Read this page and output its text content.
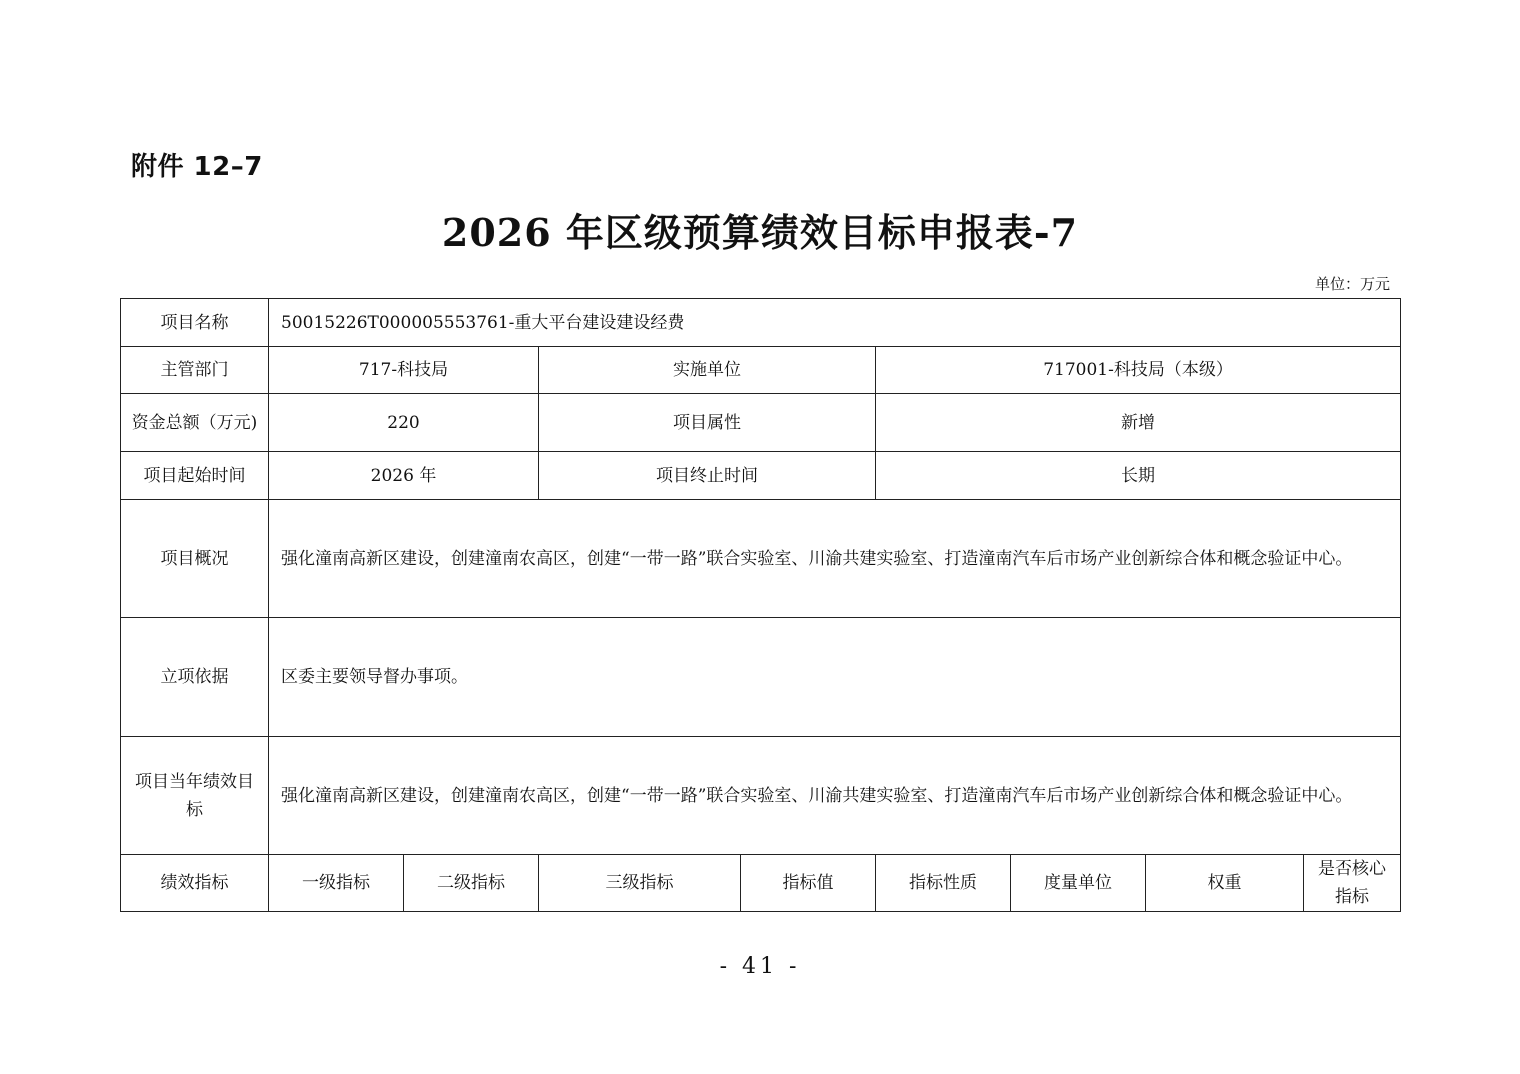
附件 12–7
2026 年区级预算绩效目标申报表-7
单位：万元
项目名称	50015226T000005553761-重大平台建设建设经费							
主管部门	717-科技局		实施单位		717001-科技局（本级）			
资金总额（万元)	220		项目属性		新增			
项目起始时间	2026 年		项目终止时间		长期			
项目概况	强化潼南高新区建设，创建潼南农高区，创建“一带一路”联合实验室、川渝共建实验室、打造潼南汽车后市场产业创新综合体和概念验证中心。							
立项依据	区委主要领导督办事项。							
项目当年绩效目标	强化潼南高新区建设，创建潼南农高区，创建“一带一路”联合实验室、川渝共建实验室、打造潼南汽车后市场产业创新综合体和概念验证中心。							
绩效指标	一级指标	二级指标	三级指标	指标值	指标性质	度量单位	权重	是否核心指标
- 41 -
